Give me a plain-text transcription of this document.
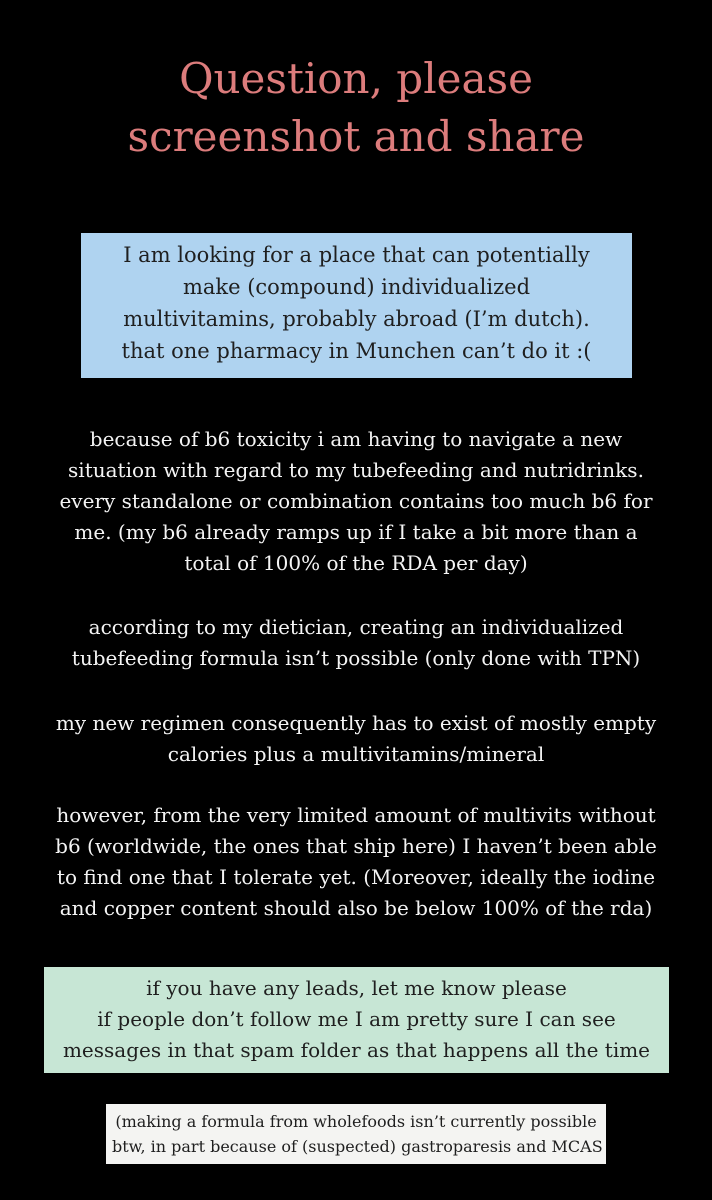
Question, please
screenshot and share
I am looking for a place that can potentially
make (compound) individualized
multivitamins, probably abroad (I’m dutch).
that one pharmacy in Munchen can’t do it :(
because of b6 toxicity i am having to navigate a new
situation with regard to my tubefeeding and nutridrinks.
every standalone or combination contains too much b6 for
me. (my b6 already ramps up if I take a bit more than a
total of 100% of the RDA per day)
according to my dietician, creating an individualized
tubefeeding formula isn’t possible (only done with TPN)
my new regimen consequently has to exist of mostly empty
calories plus a multivitamins/mineral
however, from the very limited amount of multivits without
b6 (worldwide, the ones that ship here) I haven’t been able
to find one that I tolerate yet. (Moreover, ideally the iodine
and copper content should also be below 100% of the rda)
if you have any leads, let me know please
if people don’t follow me I am pretty sure I can see
messages in that spam folder as that happens all the time
(making a formula from wholefoods isn’t currently possible
btw, in part because of (suspected) gastroparesis and MCAS
